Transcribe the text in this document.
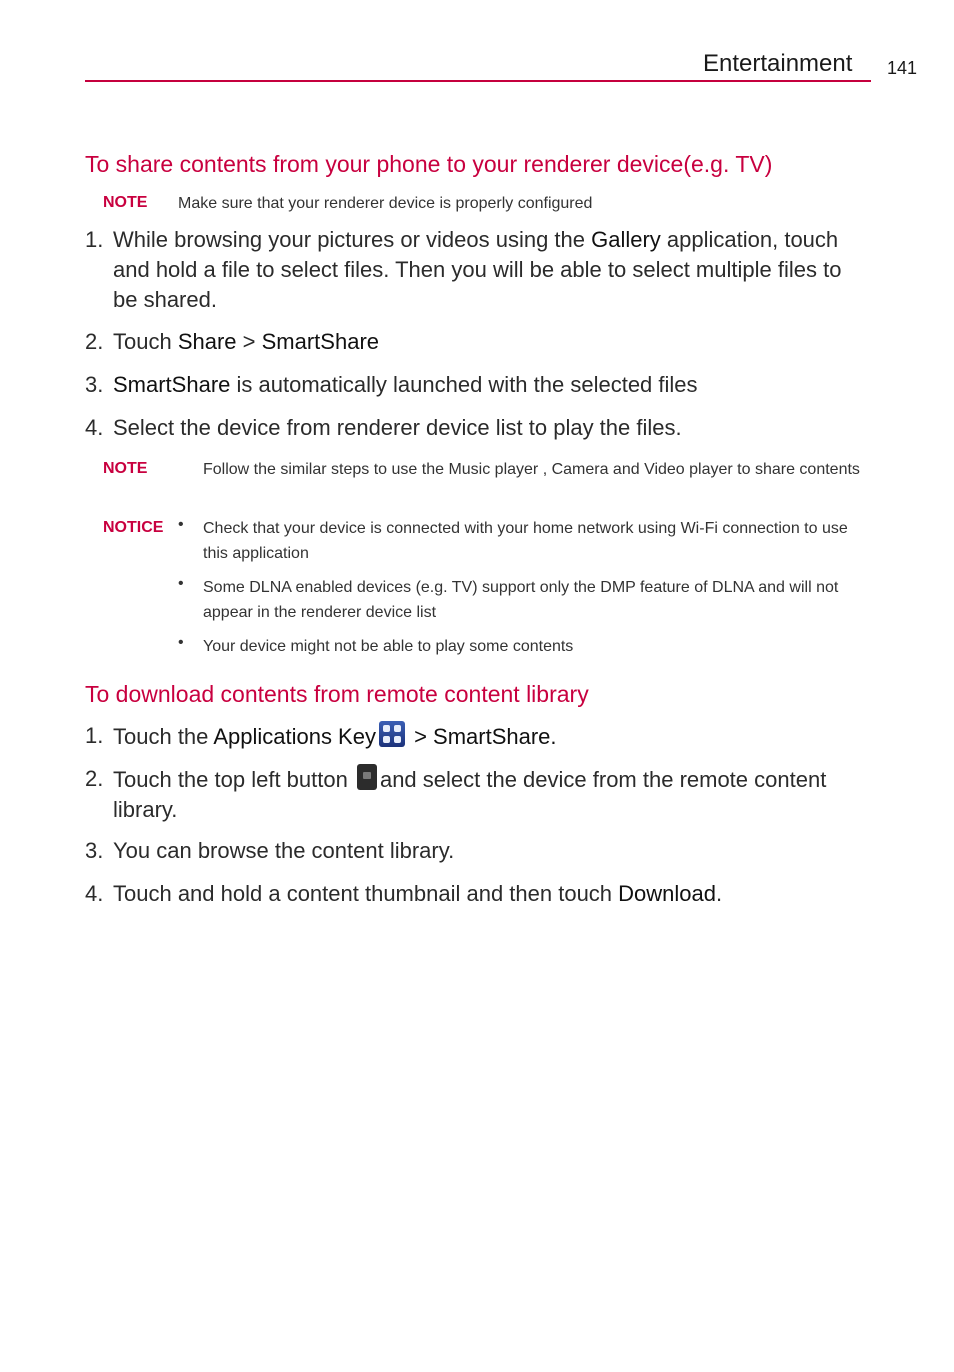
Entertainment 141
To share contents from your phone to your renderer device(e.g. TV)
NOTE Make sure that your renderer device is properly configured
1. While browsing your pictures or videos using the Gallery application, touch and hold a file to select files. Then you will be able to select multiple files to be shared.
2. Touch Share > SmartShare
3. SmartShare is automatically launched with the selected files
4. Select the device from renderer device list to play the files.
NOTE	Follow the similar steps to use the Music player , Camera and Video player to share contents
NOTICE • Check that your device is connected with your home network using Wi-Fi connection to use this application
• Some DLNA enabled devices (e.g. TV) support only the DMP feature of DLNA and will not appear in the renderer device list
• Your device might not be able to play some contents
To download contents from remote content library
1. Touch the Applications Key
> SmartShare.
2. Touch the top left button
and select the device from the remote content library.
3. You can browse the content library.
4. Touch and hold a content thumbnail and then touch Download.
